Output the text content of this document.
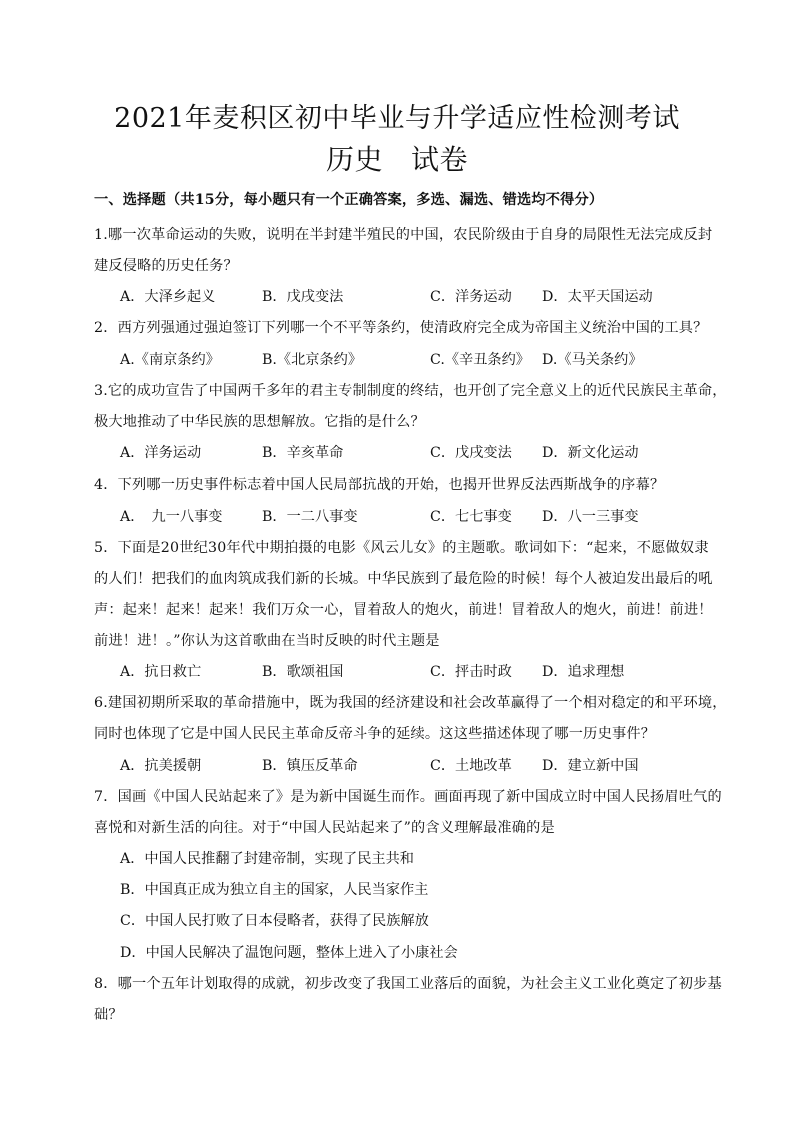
2021年麦积区初中毕业与升学适应性检测考试
历史 试卷
一、选择题（共15分，每小题只有一个正确答案，多选、漏选、错选均不得分）
1.哪一次革命运动的失败，说明在半封建半殖民的中国，农民阶级由于自身的局限性无法完成反封
建反侵略的历史任务？
A．大泽乡起义	B．戊戌变法	C．洋务运动 D．太平天国运动
2．西方列强通过强迫签订下列哪一个不平等条约，使清政府完全成为帝国主义统治中国的工具？
A.《南京条约》	B.《北京条约》	C.《辛丑条约》 D.《马关条约》
3.它的成功宣告了中国两千多年的君主专制制度的终结，也开创了完全意义上的近代民族民主革命，
极大地推动了中华民族的思想解放。它指的是什么？
A．洋务运动	B．辛亥革命	C．戊戌变法 D．新文化运动
4．下列哪一历史事件标志着中国人民局部抗战的开始，也揭开世界反法西斯战争的序幕？
A．　九一八事变	B．一二八事变	C．七七事变 D．八一三事变
5．下面是20世纪30年代中期拍摄的电影《风云儿女》的主题歌。歌词如下：“起来，不愿做奴隶
的人们！把我们的血肉筑成我们新的长城。中华民族到了最危险的时候！每个人被迫发出最后的吼
声：起来！起来！起来！我们万众一心，冒着敌人的炮火，前进！冒着敌人的炮火，前进！前进！
前进！进！。”你认为这首歌曲在当时反映的时代主题是
A．抗日救亡	B．歌颂祖国	C．抨击时政 D．追求理想
6.建国初期所采取的革命措施中，既为我国的经济建设和社会改革赢得了一个相对稳定的和平环境，
同时也体现了它是中国人民民主革命反帝斗争的延续。这这些描述体现了哪一历史事件？
A．抗美援朝	B．镇压反革命	C．土地改革 D．建立新中国
7．国画《中国人民站起来了》是为新中国诞生而作。画面再现了新中国成立时中国人民扬眉吐气的
喜悦和对新生活的向往。对于“中国人民站起来了”的含义理解最准确的是
A．中国人民推翻了封建帝制，实现了民主共和
B．中国真正成为独立自主的国家，人民当家作主
C．中国人民打败了日本侵略者，获得了民族解放
D．中国人民解决了温饱问题，整体上进入了小康社会
8．哪一个五年计划取得的成就，初步改变了我国工业落后的面貌，为社会主义工业化奠定了初步基
础？
